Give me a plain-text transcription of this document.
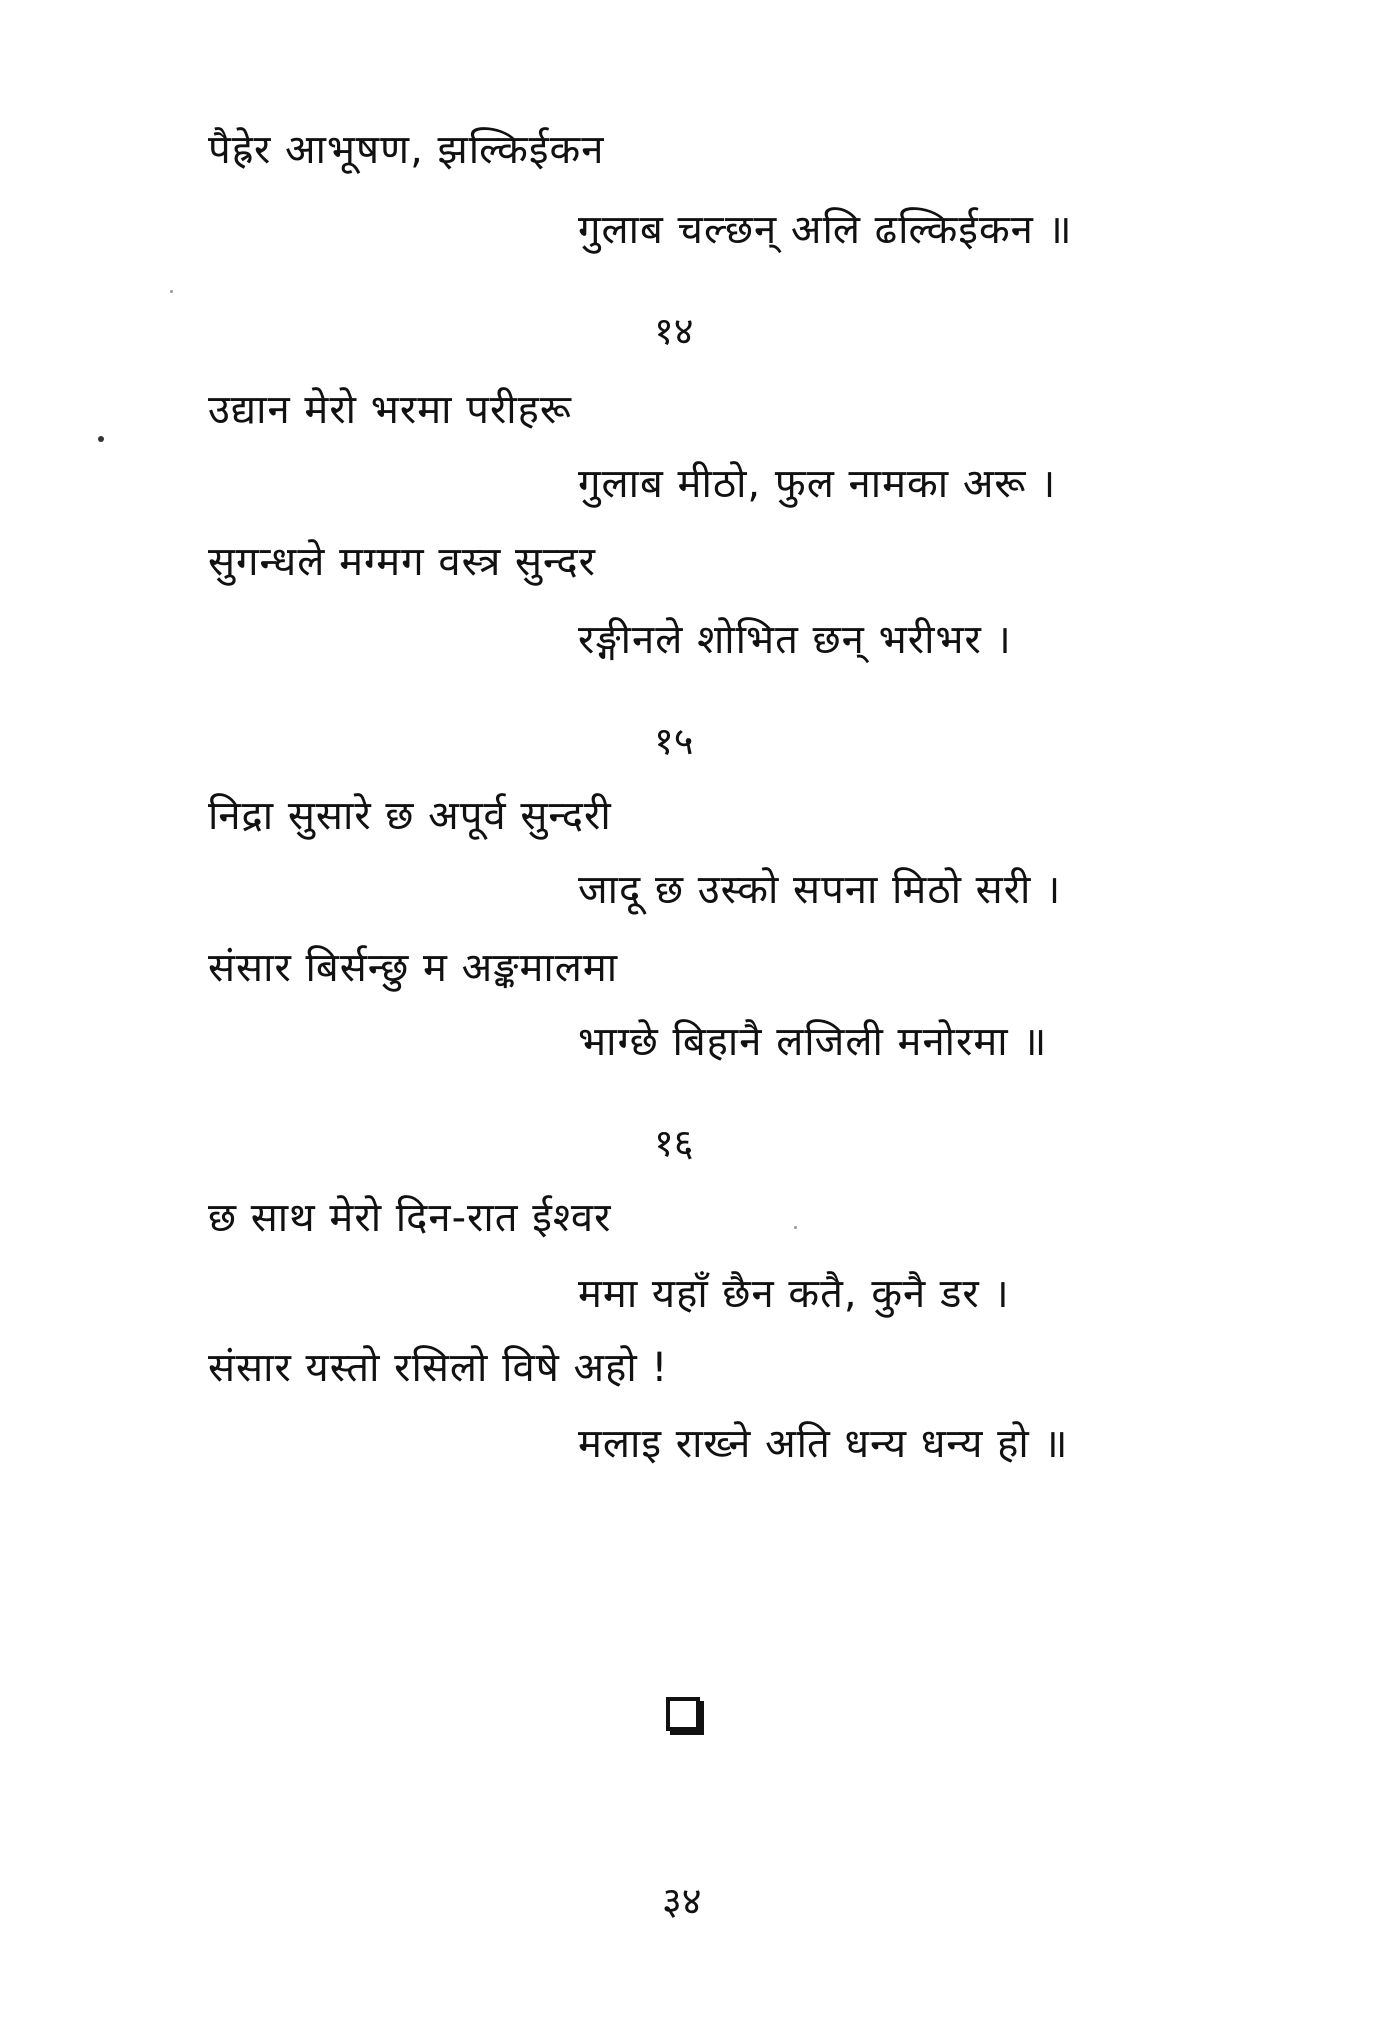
पैह्रेर आभूषण, झल्किईकन
गुलाब चल्छन् अलि ढल्किईकन ॥
१४
उद्यान मेरो भरमा परीहरू
गुलाब मीठो, फुल नामका अरू ।
सुगन्धले मग्मग वस्त्र सुन्दर
रङ्गीनले शोभित छन् भरीभर ।
१५
निद्रा सुसारे छ अपूर्व सुन्दरी
जादू छ उस्को सपना मिठो सरी ।
संसार बिर्सन्छु म अङ्कमालमा
भाग्छे बिहानै लजिली मनोरमा ॥
१६
छ साथ मेरो दिन-रात ईश्वर
ममा यहाँ छैन कतै, कुनै डर ।
संसार यस्तो रसिलो विषे अहो !
मलाइ राख्ने अति धन्य धन्य हो ॥
३४
